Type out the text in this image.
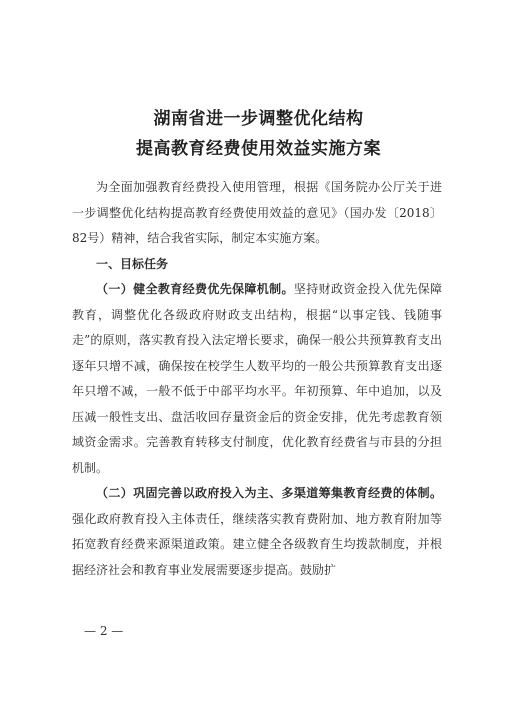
湖南省进一步调整优化结构
提高教育经费使用效益实施方案

为全面加强教育经费投入使用管理，根据《国务院办公厅关于进一步调整优化结构提高教育经费使用效益的意见》（国办发〔2018〕82号）精神，结合我省实际，制定本实施方案。

一、目标任务

（一）健全教育经费优先保障机制。坚持财政资金投入优先保障教育，调整优化各级政府财政支出结构，根据“以事定钱、钱随事走”的原则，落实教育投入法定增长要求，确保一般公共预算教育支出逐年只增不减，确保按在校学生人数平均的一般公共预算教育支出逐年只增不减，一般不低于中部平均水平。年初预算、年中追加，以及压减一般性支出、盘活收回存量资金后的资金安排，优先考虑教育领域资金需求。完善教育转移支付制度，优化教育经费省与市县的分担机制。

（二）巩固完善以政府投入为主、多渠道筹集教育经费的体制。强化政府教育投入主体责任，继续落实教育费附加、地方教育附加等拓宽教育经费来源渠道政策。建立健全各级教育生均拨款制度，并根据经济社会和教育事业发展需要逐步提高。鼓励扩

— 2 —
